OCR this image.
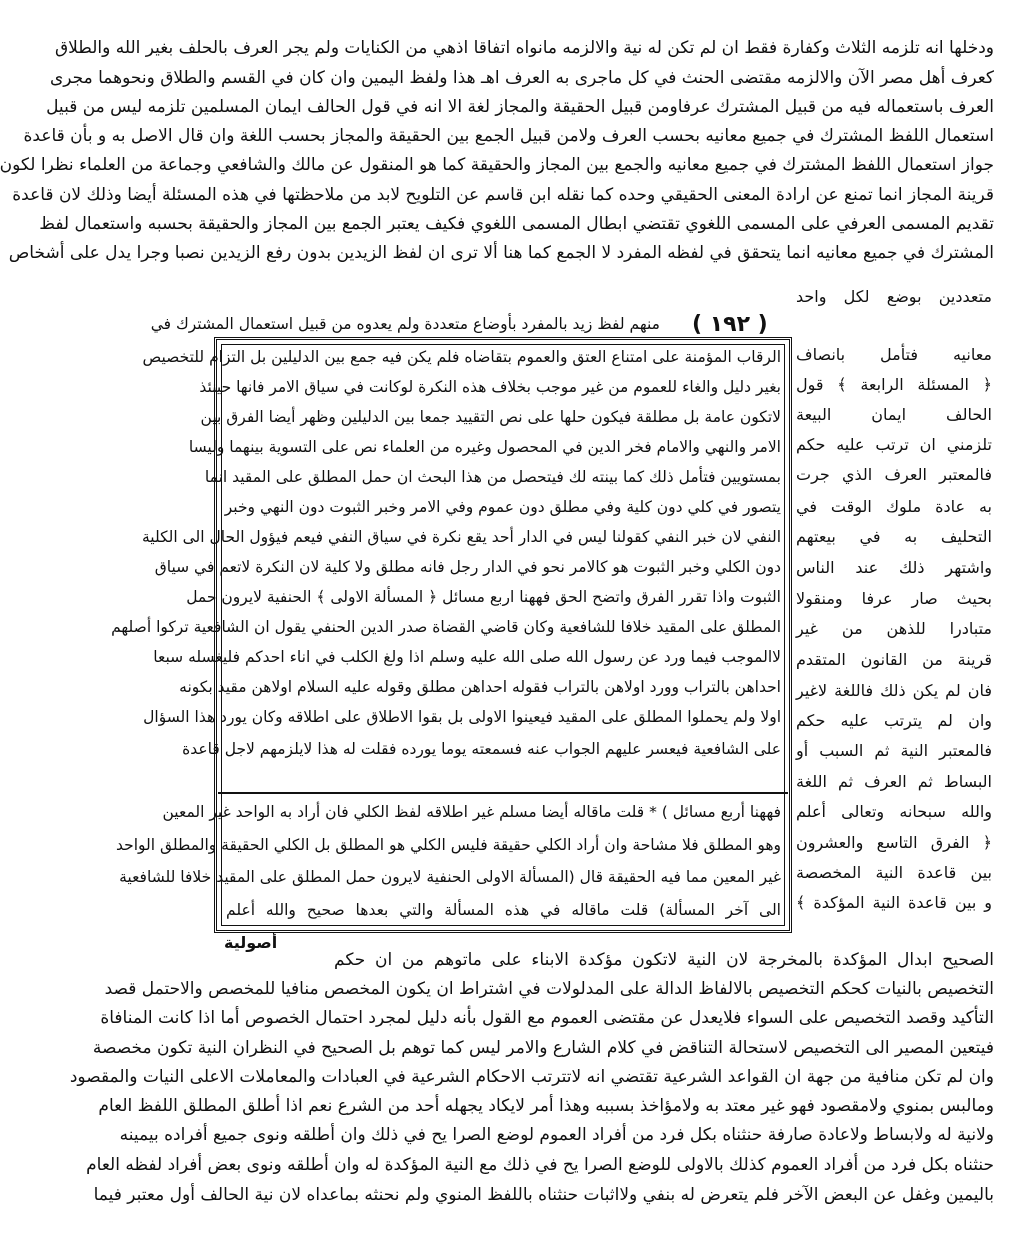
ودخلها انه تلزمه الثلاث وكفارة فقط ان لم تكن له نية والالزمه مانواه اتفاقا اذهي من الكنايات ولم يجر العرف بالحلف بغير الله والطلاق
كعرف أهل مصر الآن والالزمه مقتضى الحنث في كل ماجرى به العرف اهـ هذا ولفظ اليمين وان كان في القسم والطلاق ونحوهما مجرى
العرف باستعماله فيه من قبيل المشترك عرفاومن قبيل الحقيقة والمجاز لغة الا انه في قول الحالف ايمان المسلمين تلزمه ليس من قبيل
استعمال اللفظ المشترك في جميع معانيه بحسب العرف ولامن قبيل الجمع بين الحقيقة والمجاز بحسب اللغة وان قال الاصل به و بأن قاعدة
جواز استعمال اللفظ المشترك في جميع معانيه والجمع بين المجاز والحقيقة كما هو المنقول عن مالك والشافعي وجماعة من العلماء نظرا لكون
قرينة المجاز انما تمنع عن ارادة المعنى الحقيقي وحده كما نقله ابن قاسم عن التلويح لابد من ملاحظتها في هذه المسئلة أيضا وذلك لان قاعدة
تقديم المسمى العرفي على المسمى اللغوي تقتضي ابطال المسمى اللغوي فكيف يعتبر الجمع بين المجاز والحقيقة بحسبه واستعمال لفظ
المشترك في جميع معانيه انما يتحقق في لفظه المفرد لا الجمع كما هنا ألا ترى ان لفظ الزيدين بدون رفع الزيدين نصبا وجرا يدل على أشخاص
منهم لفظ زيد بالمفرد بأوضاع متعددة ولم يعدوه من قبيل استعمال المشترك في ( ١٩٢ )
متعددين بوضع لكل واحد
معانيه فتأمل بانصاف
﴿ المسئلة الرابعة ﴾ قول
الحالف ايمان البيعة
تلزمني ان ترتب عليه حكم
فالمعتبر العرف الذي جرت
به عادة ملوك الوقت في
التحليف به في بيعتهم
واشتهر ذلك عند الناس
بحيث صار عرفا ومنقولا
متبادرا للذهن من غير
قرينة من القانون المتقدم
فان لم يكن ذلك فاللغة لاغير
وان لم يترتب عليه حكم
فالمعتبر النية ثم السبب أو
البساط ثم العرف ثم اللغة
والله سبحانه وتعالى أعلم
﴿ الفرق التاسع والعشرون
بين قاعدة النية المخصصة
و بين قاعدة النية المؤكدة ﴾
الرقاب المؤمنة على امتناع العتق والعموم بتقاضاه فلم يكن فيه جمع بين الدليلين بل التزام للتخصيص
بغير دليل والغاء للعموم من غير موجب بخلاف هذه النكرة لوكانت في سياق الامر فانها حينئذ
لاتكون عامة بل مطلقة فيكون حلها على نص التقييد جمعا بين الدليلين وظهر أيضا الفرق بين
الامر والنهي والامام فخر الدين في المحصول وغيره من العلماء نص على التسوية بينهما وليسا
بمستويين فتأمل ذلك كما بينته لك فيتحصل من هذا البحث ان حمل المطلق على المقيد انما
يتصور في كلي دون كلية وفي مطلق دون عموم وفي الامر وخبر الثبوت دون النهي وخبر
النفي لان خبر النفي كقولنا ليس في الدار أحد يقع نكرة في سياق النفي فيعم فيؤول الحال الى الكلية
دون الكلي وخبر الثبوت هو كالامر نحو في الدار رجل فانه مطلق ولا كلية لان النكرة لاتعم في سياق
الثبوت واذا تقرر الفرق واتضح الحق فههنا اربع مسائل ﴿ المسألة الاولى ﴾ الحنفية لايرون حمل
المطلق على المقيد خلافا للشافعية وكان قاضي القضاة صدر الدين الحنفي يقول ان الشافعية تركوا أصلهم
لاالموجب فيما ورد عن رسول الله صلى الله عليه وسلم اذا ولغ الكلب في اناء احدكم فليغسله سبعا
احداهن بالتراب وورد اولاهن بالتراب فقوله احداهن مطلق وقوله عليه السلام اولاهن مقيد بكونه
اولا ولم يحملوا المطلق على المقيد فيعينوا الاولى بل بقوا الاطلاق على اطلاقه وكان يورد هذا السؤال
على الشافعية فيعسر عليهم الجواب عنه فسمعته يوما يورده فقلت له هذا لايلزمهم لاجل قاعدة
فههنا أربع مسائل ) * قلت ماقاله أيضا مسلم غير اطلاقه لفظ الكلي فان أراد به الواحد غير المعين
وهو المطلق فلا مشاحة وان أراد الكلي حقيقة فليس الكلي هو المطلق بل الكلي الحقيقة والمطلق الواحد
غير المعين مما فيه الحقيقة قال (المسألة الاولى الحنفية لايرون حمل المطلق على المقيد خلافا للشافعية
الى آخر المسألة) قلت ماقاله في هذه المسألة والتي بعدها صحيح والله أعلم
أصولية
الصحيح ابدال المؤكدة بالمخرجة لان النية لاتكون مؤكدة الابناء على ماتوهم من ان حكم
التخصيص بالنيات كحكم التخصيص بالالفاظ الدالة على المدلولات في اشتراط ان يكون المخصص منافيا للمخصص والاحتمل قصد
التأكيد وقصد التخصيص على السواء فلايعدل عن مقتضى العموم مع القول بأنه دليل لمجرد احتمال الخصوص أما اذا كانت المنافاة
فيتعين المصير الى التخصيص لاستحالة التناقض في كلام الشارع والامر ليس كما توهم بل الصحيح في النظران النية تكون مخصصة
وان لم تكن منافية من جهة ان القواعد الشرعية تقتضي انه لاتترتب الاحكام الشرعية في العبادات والمعاملات الاعلى النيات والمقصود
ومالبس بمنوي ولامقصود فهو غير معتد به ولامؤاخذ بسببه وهذا أمر لايكاد يجهله أحد من الشرع نعم اذا أطلق المطلق اللفظ العام
ولانية له ولابساط ولاعادة صارفة حنثناه بكل فرد من أفراد العموم لوضع الصرا يح في ذلك وان أطلقه ونوى جميع أفراده بيمينه
حنثناه بكل فرد من أفراد العموم كذلك بالاولى للوضع الصرا يح في ذلك مع النية المؤكدة له وان أطلقه ونوى بعض أفراد لفظه العام
باليمين وغفل عن البعض الآخر فلم يتعرض له بنفي ولااثبات حنثناه باللفظ المنوي ولم نحنثه بماعداه لان نية الحالف أول معتبر فيما
